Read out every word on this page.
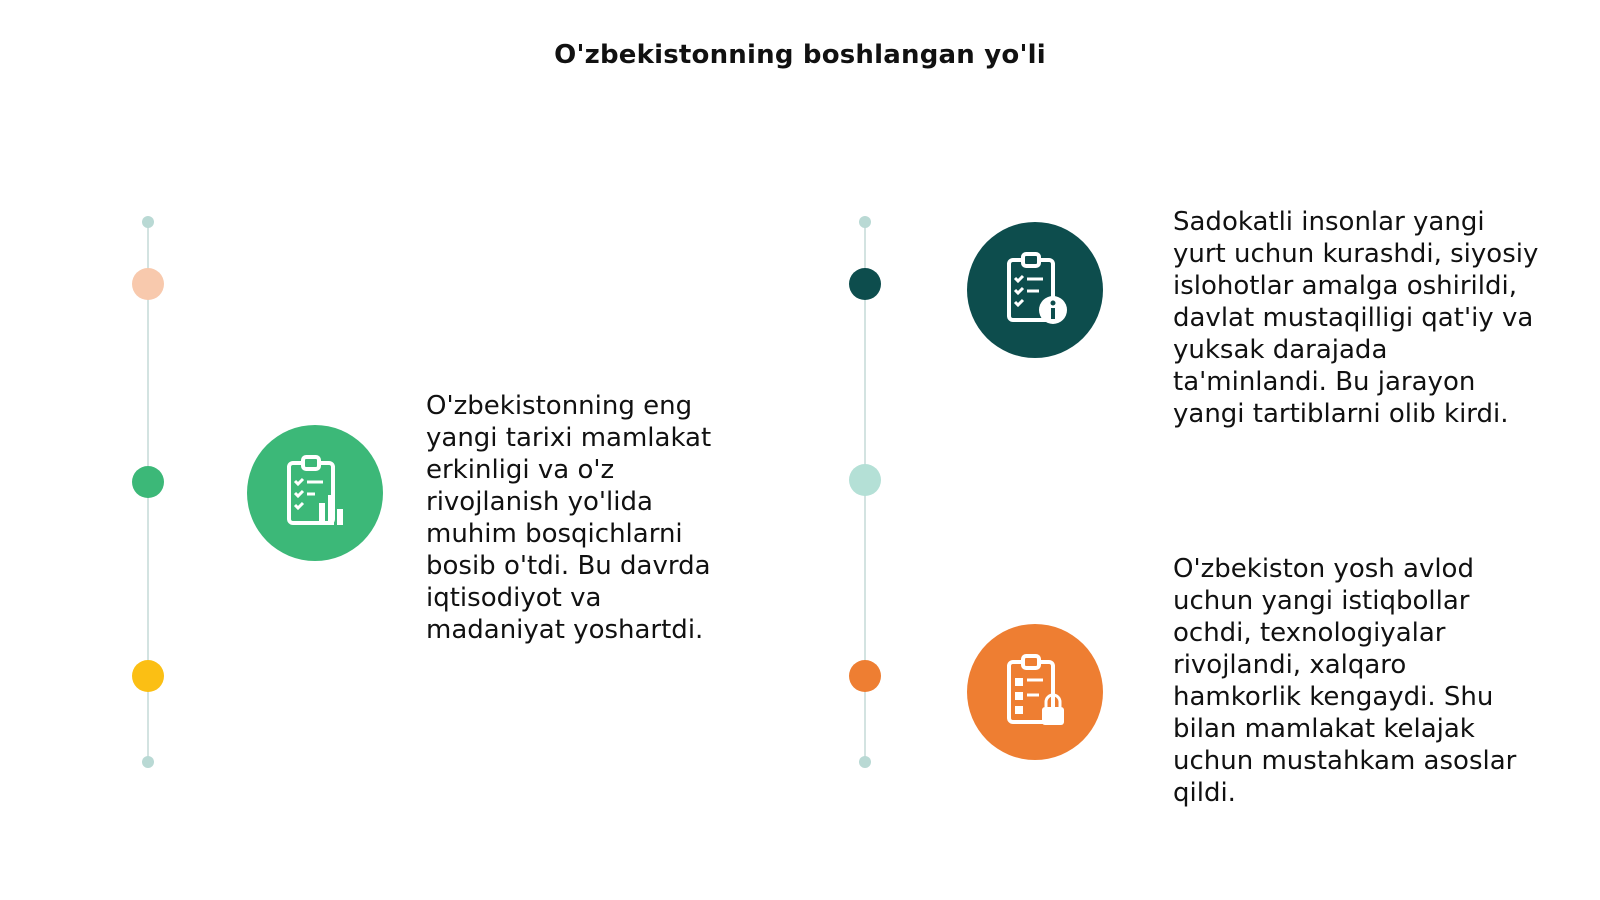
O'zbekistonning boshlangan yo'li
O'zbekistonning eng
yangi tarixi mamlakat
erkinligi va o'z
rivojlanish yo'lida
muhim bosqichlarni
bosib o'tdi. Bu davrda
iqtisodiyot va
madaniyat yoshartdi.
Sadokatli insonlar yangi
yurt uchun kurashdi, siyosiy
islohotlar amalga oshirildi,
davlat mustaqilligi qat'iy va
yuksak darajada
ta'minlandi. Bu jarayon
yangi tartiblarni olib kirdi.
O'zbekiston yosh avlod
uchun yangi istiqbollar
ochdi, texnologiyalar
rivojlandi, xalqaro
hamkorlik kengaydi. Shu
bilan mamlakat kelajak
uchun mustahkam asoslar
qildi.
